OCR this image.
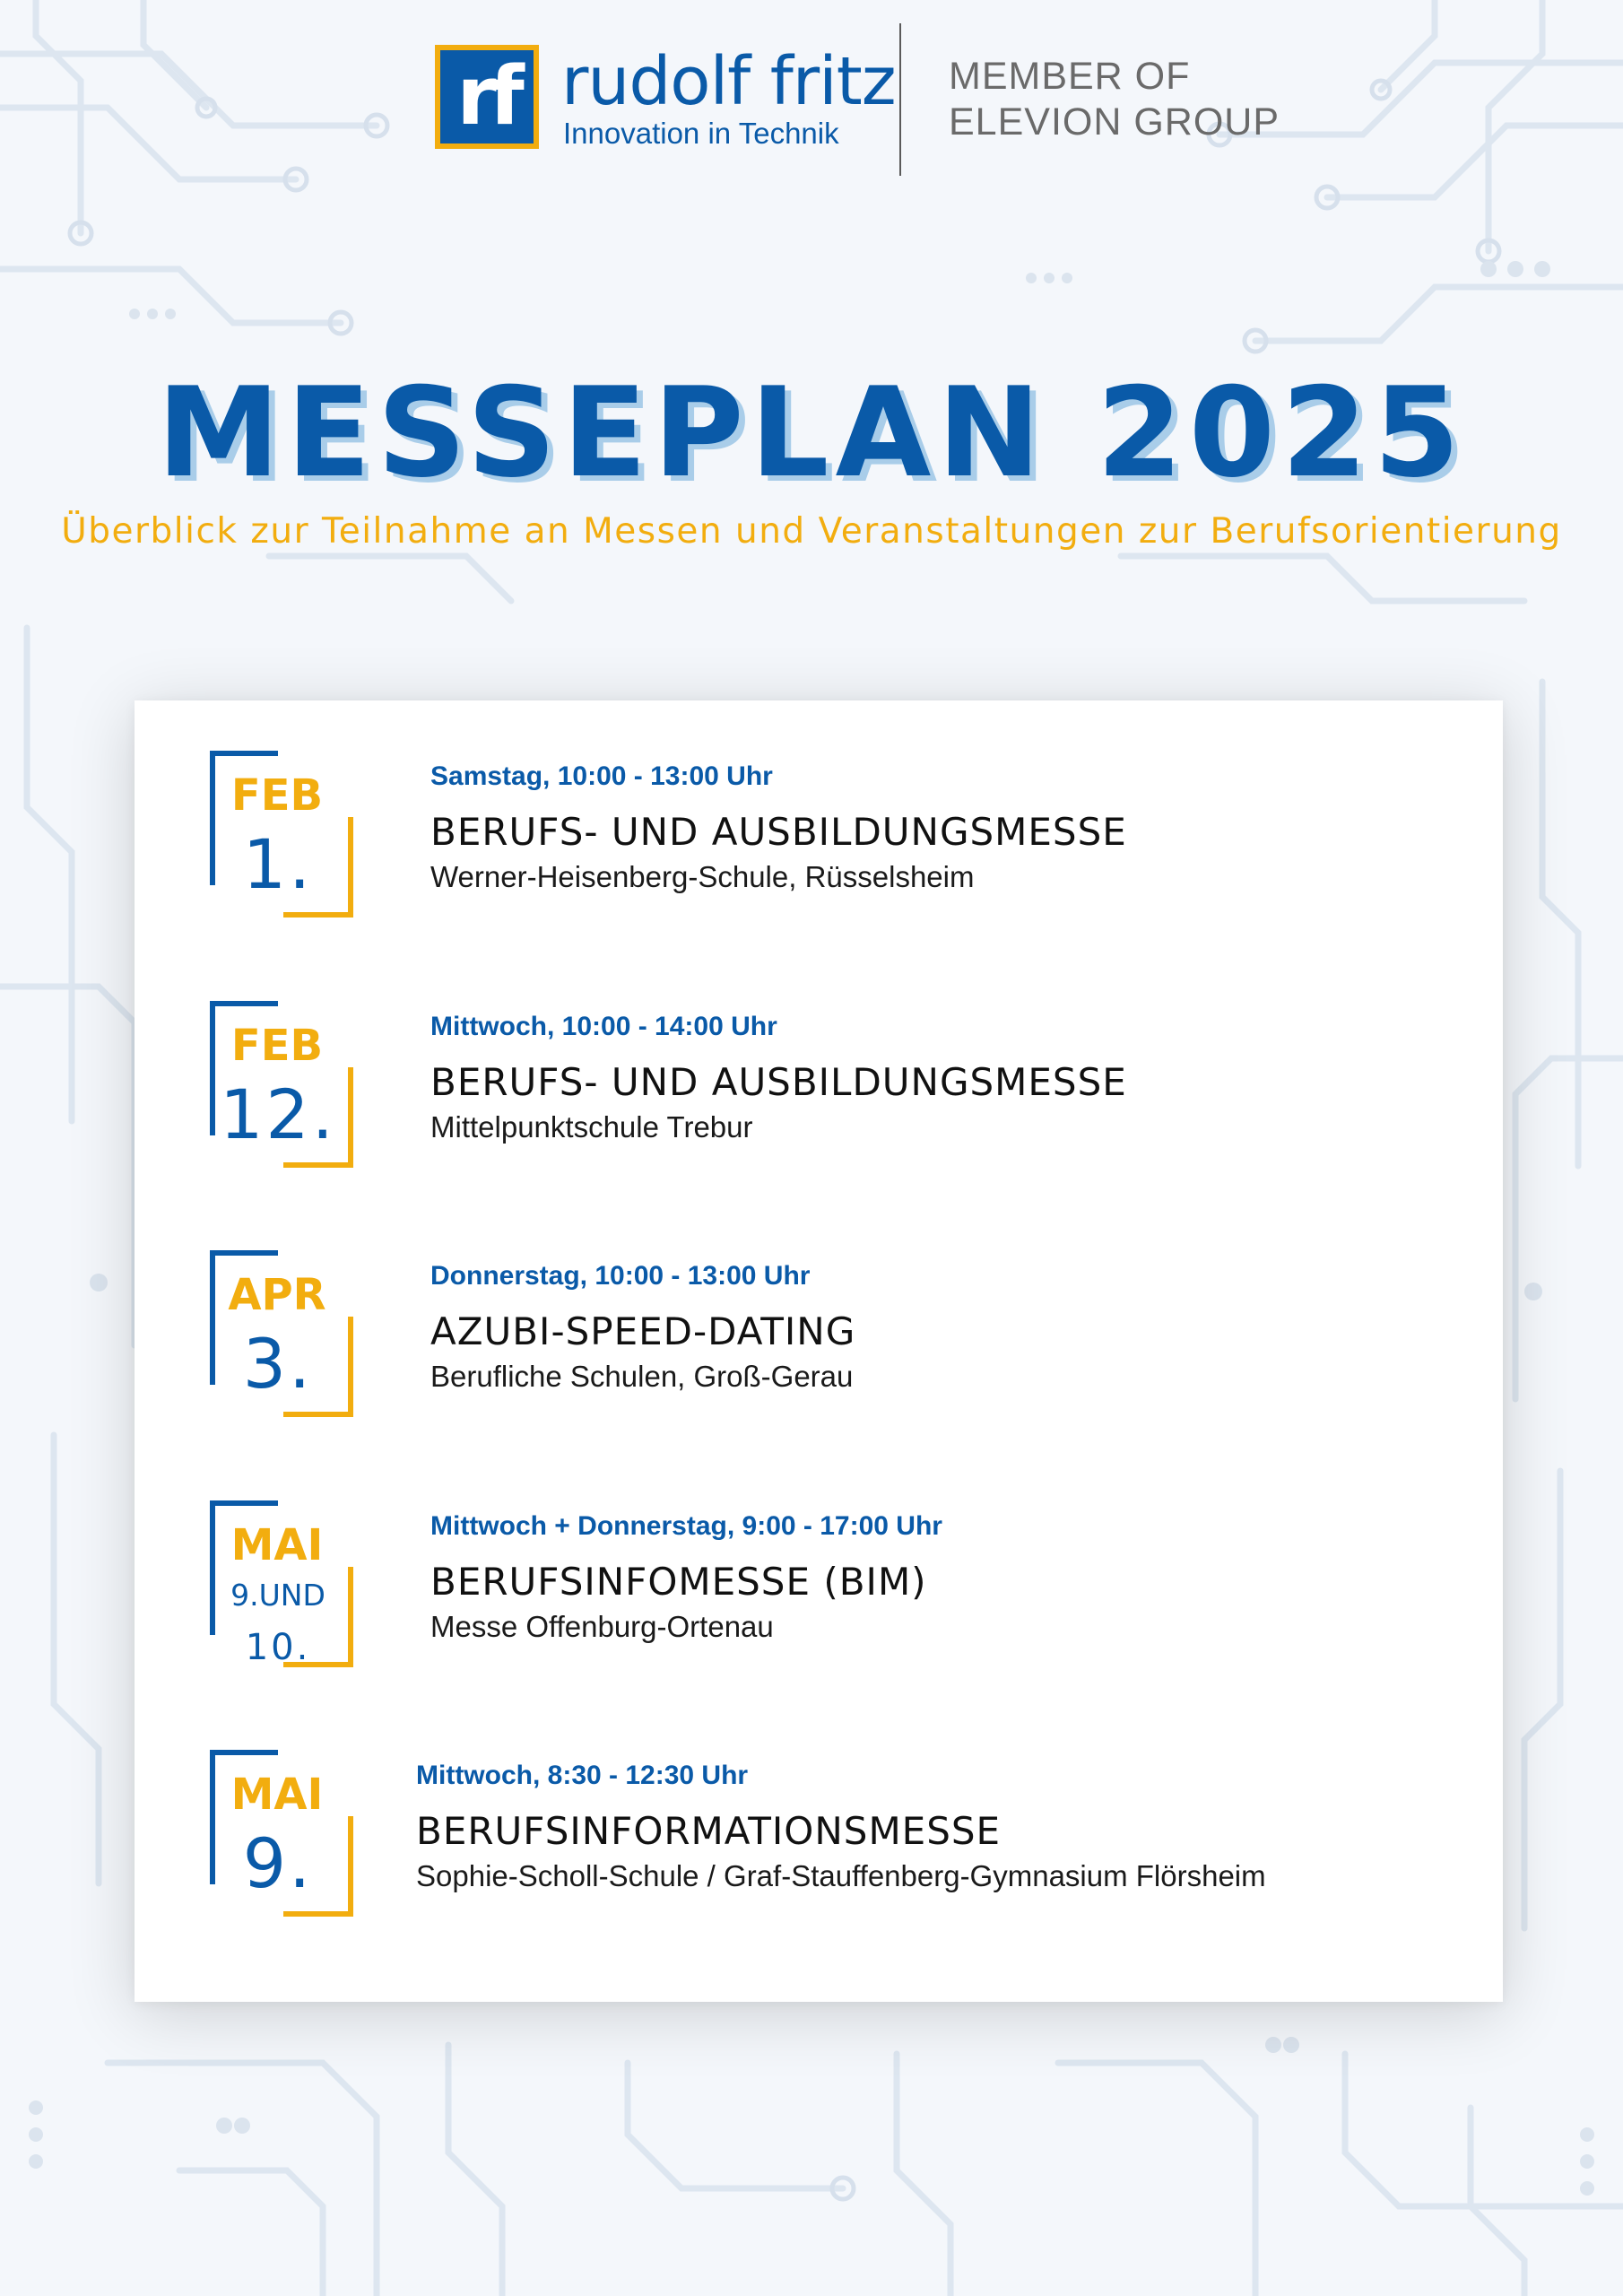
rf rudolf fritz
Innovation in Technik
MEMBER OF
ELEVION GROUP
MESSEPLAN 2025
Überblick zur Teilnahme an Messen und Veranstaltungen zur Berufsorientierung
FEB
1.
Samstag, 10:00 - 13:00 Uhr
BERUFS- UND AUSBILDUNGSMESSE
Werner-Heisenberg-Schule, Rüsselsheim
FEB
12.
Mittwoch, 10:00 - 14:00 Uhr
BERUFS- UND AUSBILDUNGSMESSE
Mittelpunktschule Trebur
APR
3.
Donnerstag, 10:00 - 13:00 Uhr
AZUBI-SPEED-DATING
Berufliche Schulen, Groß-Gerau
MAI
9.UND
10.
Mittwoch + Donnerstag, 9:00 - 17:00 Uhr
BERUFSINFOMESSE (BIM)
Messe Offenburg-Ortenau
MAI
9.
Mittwoch, 8:30 - 12:30 Uhr
BERUFSINFORMATIONSMESSE
Sophie-Scholl-Schule / Graf-Stauffenberg-Gymnasium Flörsheim
